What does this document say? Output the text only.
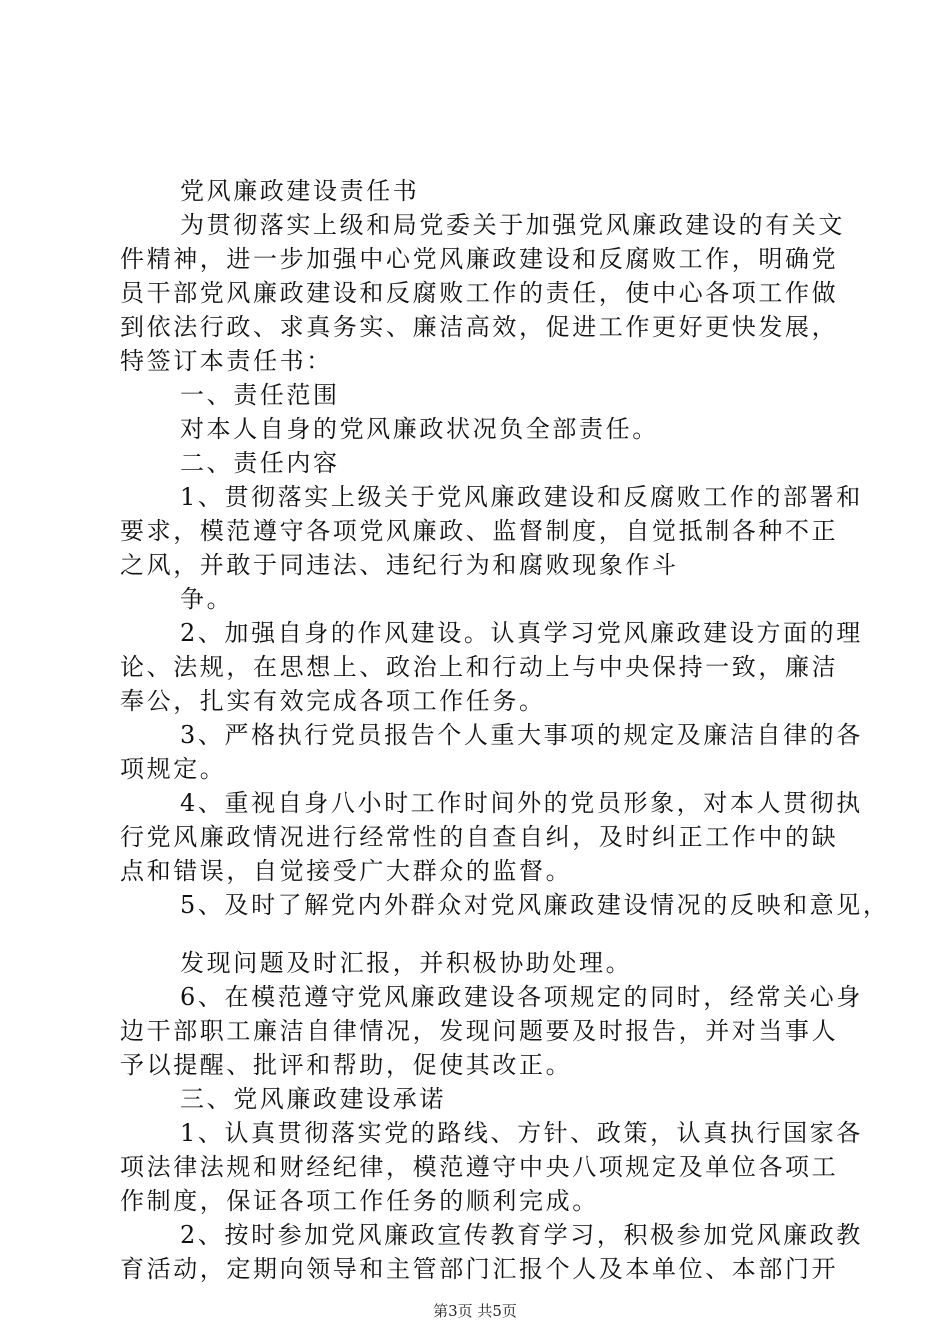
党风廉政建设责任书
为贯彻落实上级和局党委关于加强党风廉政建设的有关文
件精神，进一步加强中心党风廉政建设和反腐败工作，明确党
员干部党风廉政建设和反腐败工作的责任，使中心各项工作做
到依法行政、求真务实、廉洁高效，促进工作更好更快发展，
特签订本责任书：
一、责任范围
对本人自身的党风廉政状况负全部责任。
二、责任内容
1、贯彻落实上级关于党风廉政建设和反腐败工作的部署和
要求，模范遵守各项党风廉政、监督制度，自觉抵制各种不正
之风，并敢于同违法、违纪行为和腐败现象作斗
争。
2、加强自身的作风建设。认真学习党风廉政建设方面的理
论、法规，在思想上、政治上和行动上与中央保持一致，廉洁
奉公，扎实有效完成各项工作任务。
3、严格执行党员报告个人重大事项的规定及廉洁自律的各
项规定。
4、重视自身八小时工作时间外的党员形象，对本人贯彻执
行党风廉政情况进行经常性的自查自纠，及时纠正工作中的缺
点和错误，自觉接受广大群众的监督。
5、及时了解党内外群众对党风廉政建设情况的反映和意见，
发现问题及时汇报，并积极协助处理。
6、在模范遵守党风廉政建设各项规定的同时，经常关心身
边干部职工廉洁自律情况，发现问题要及时报告，并对当事人
予以提醒、批评和帮助，促使其改正。
三、党风廉政建设承诺
1、认真贯彻落实党的路线、方针、政策，认真执行国家各
项法律法规和财经纪律，模范遵守中央八项规定及单位各项工
作制度，保证各项工作任务的顺利完成。
2、按时参加党风廉政宣传教育学习，积极参加党风廉政教
育活动，定期向领导和主管部门汇报个人及本单位、本部门开
第3页 共5页
